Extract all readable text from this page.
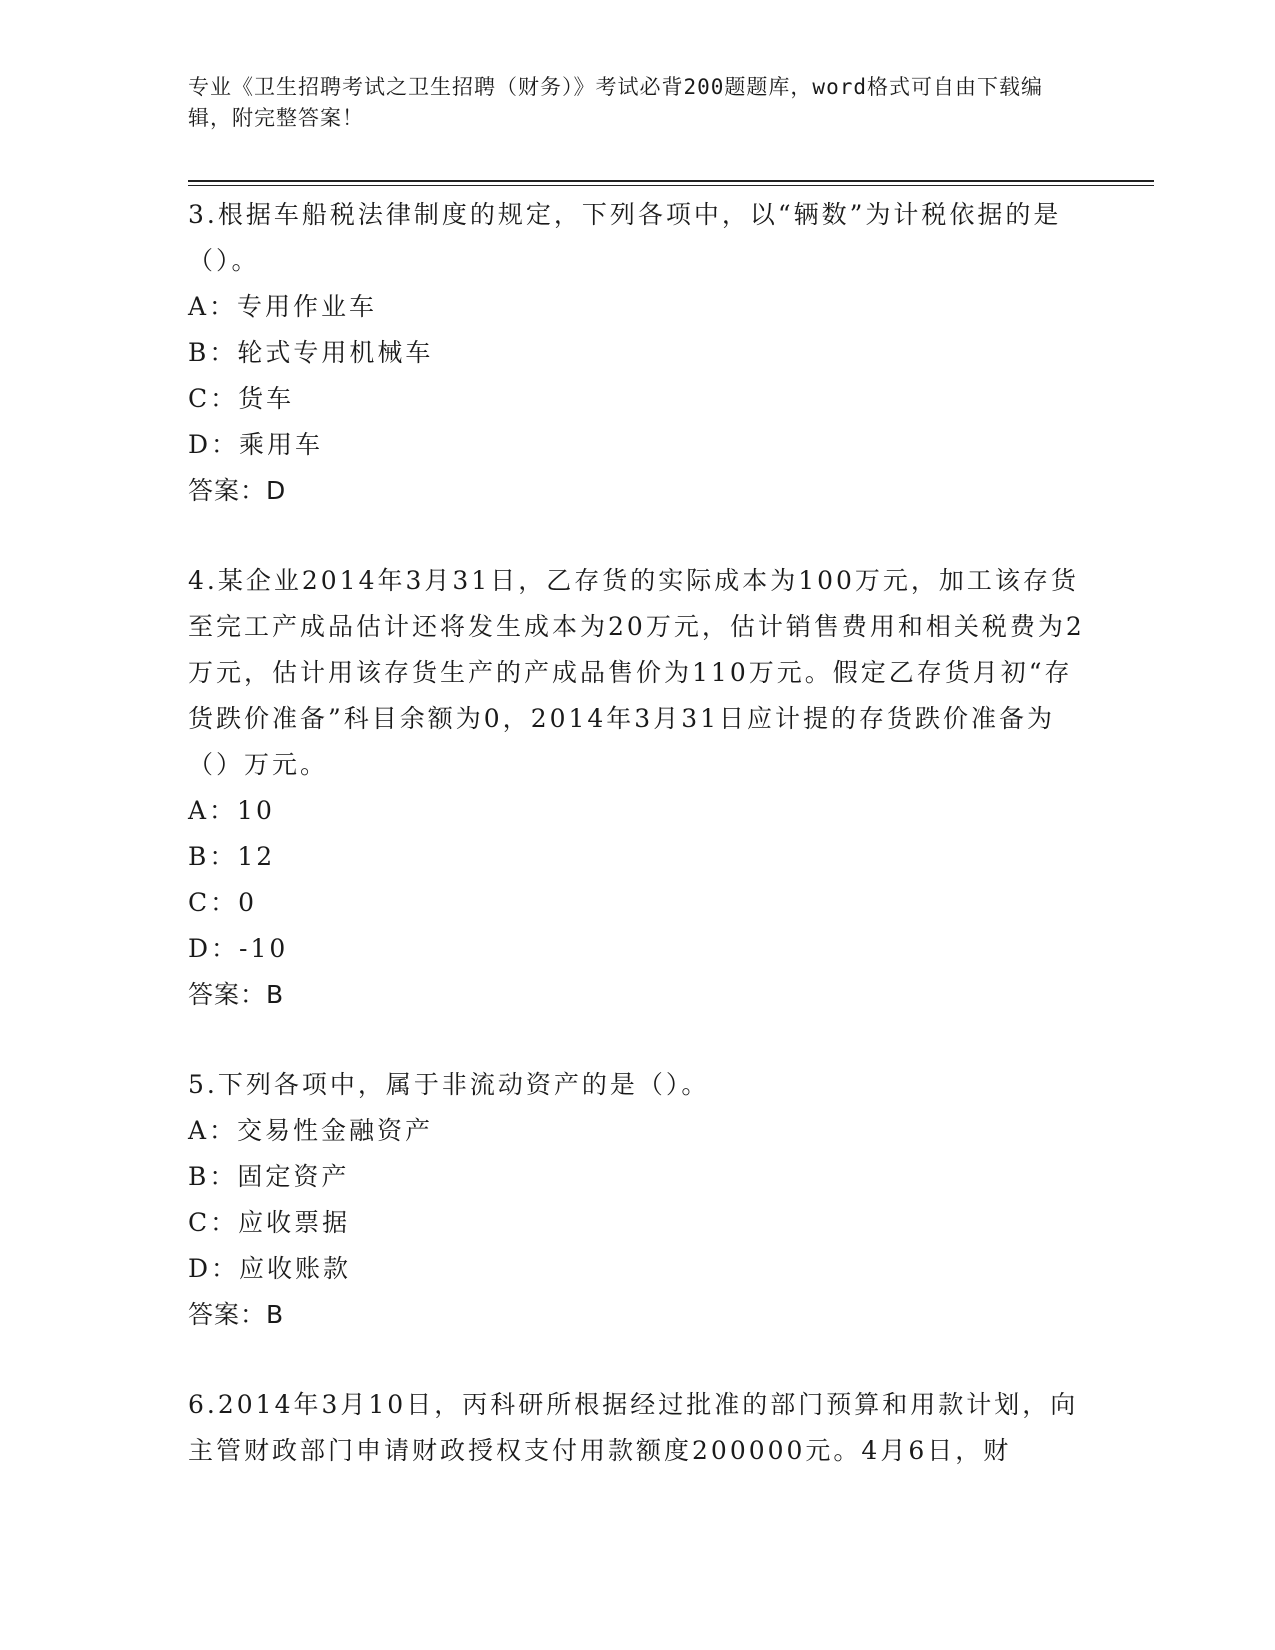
专业《卫生招聘考试之卫生招聘（财务）》考试必背200题题库，word格式可自由下载编辑，附完整答案！
3.根据车船税法律制度的规定，下列各项中，以“辆数”为计税依据的是（）。
A：专用作业车
B：轮式专用机械车
C：货车
D：乘用车
答案：D
4.某企业2014年3月31日，乙存货的实际成本为100万元，加工该存货至完工产成品估计还将发生成本为20万元，估计销售费用和相关税费为2万元，估计用该存货生产的产成品售价为110万元。假定乙存货月初“存货跌价准备”科目余额为0，2014年3月31日应计提的存货跌价准备为（）万元。
A：10
B：12
C：0
D：-10
答案：B
5.下列各项中，属于非流动资产的是（）。
A：交易性金融资产
B：固定资产
C：应收票据
D：应收账款
答案：B
6.2014年3月10日，丙科研所根据经过批准的部门预算和用款计划，向主管财政部门申请财政授权支付用款额度200000元。4月6日，财
